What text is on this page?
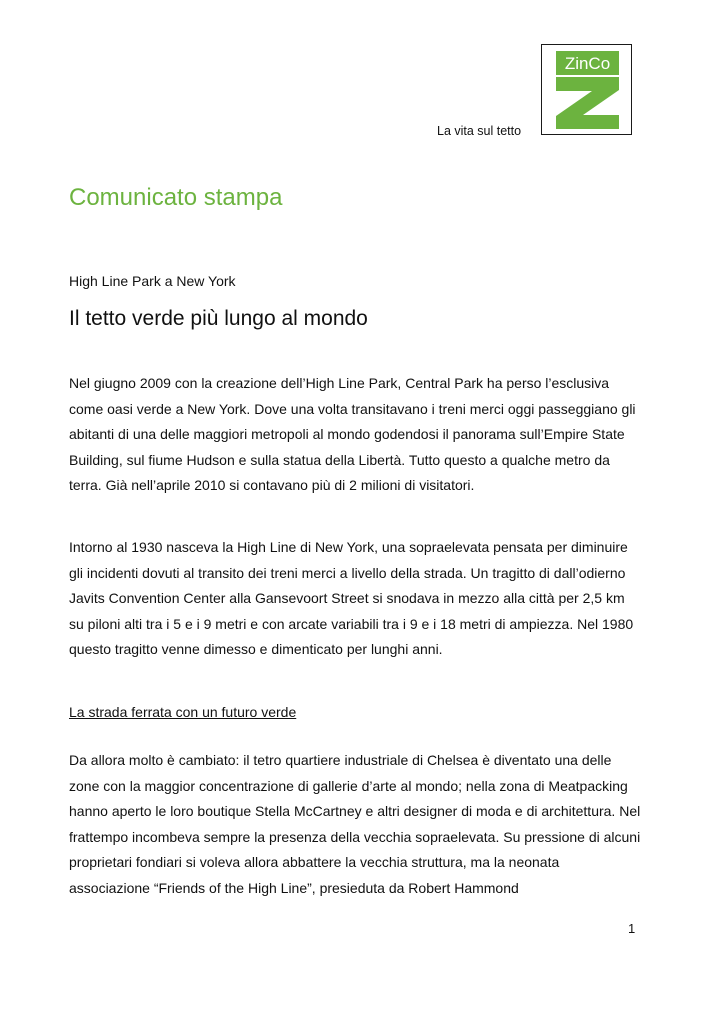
La vita sul tetto
ZinCo
Comunicato stampa
High Line Park a New York
Il tetto verde più lungo al mondo

Nel giugno 2009 con la creazione dell’High Line Park, Central Park ha perso l’esclusiva come oasi verde a New York. Dove una volta transitavano i treni merci oggi passeggiano gli abitanti di una delle maggiori metropoli al mondo godendosi il panorama sull’Empire State Building, sul fiume Hudson e sulla statua della Libertà. Tutto questo a qualche metro da terra. Già nell’aprile 2010 si contavano più di 2 milioni di visitatori.

Intorno al 1930 nasceva la High Line di New York, una sopraelevata pensata per diminuire gli incidenti dovuti al transito dei treni merci a livello della strada. Un tragitto di dall’odierno Javits Convention Center alla Gansevoort Street si snodava in mezzo alla città per 2,5 km su piloni alti tra i 5 e i 9 metri e con arcate variabili tra i 9 e i 18 metri di ampiezza. Nel 1980 questo tragitto venne dimesso e dimenticato per lunghi anni.

La strada ferrata con un futuro verde

Da allora molto è cambiato: il tetro quartiere industriale di Chelsea è diventato una delle zone con la maggior concentrazione di gallerie d’arte al mondo; nella zona di Meatpacking hanno aperto le loro boutique Stella McCartney e altri designer di moda e di architettura. Nel frattempo incombeva sempre la presenza della vecchia sopraelevata. Su pressione di alcuni proprietari fondiari si voleva allora abbattere la vecchia struttura, ma la neonata associazione “Friends of the High Line”, presieduta da Robert Hammond

1
